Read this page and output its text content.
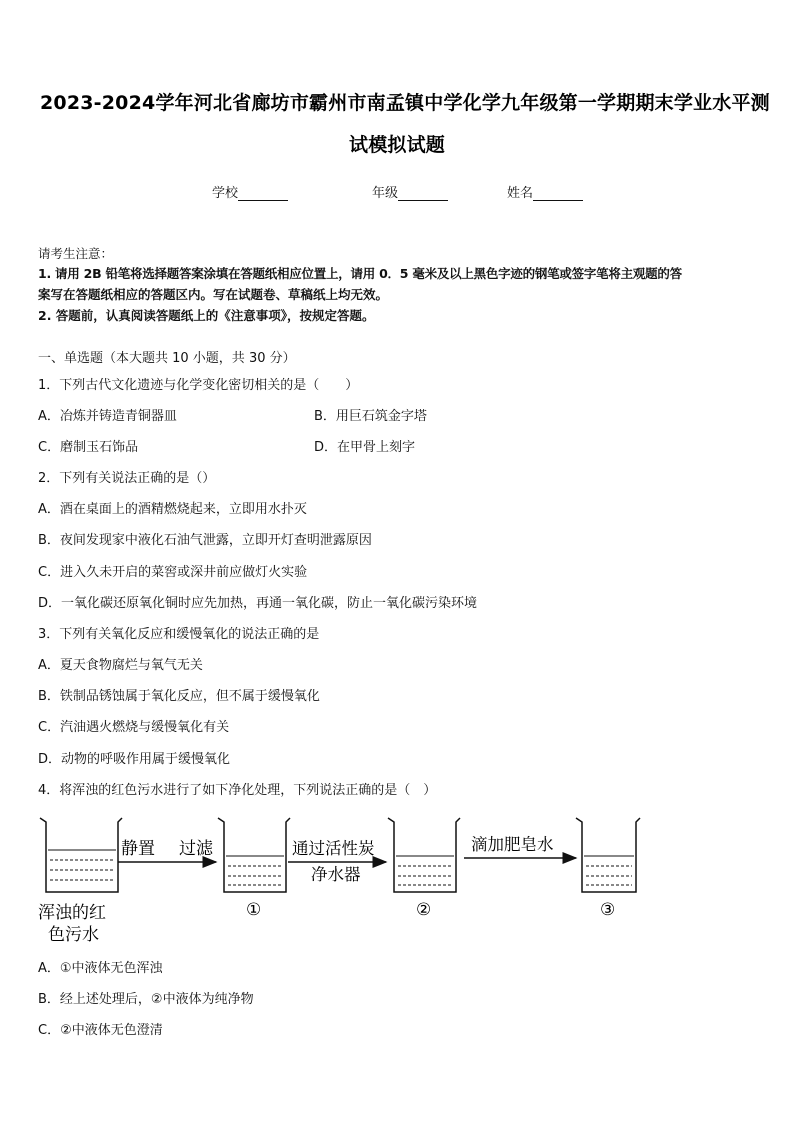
2023-2024学年河北省廊坊市霸州市南孟镇中学化学九年级第一学期期末学业水平测
试模拟试题
学校	年级	姓名
请考生注意：
1. 请用 2B 铅笔将选择题答案涂填在答题纸相应位置上，请用 0．5 毫米及以上黑色字迹的钢笔或签字笔将主观题的答
案写在答题纸相应的答题区内。写在试题卷、草稿纸上均无效。
2. 答题前，认真阅读答题纸上的《注意事项》，按规定答题。
一、单选题（本大题共 10 小题，共 30 分）
1．下列古代文化遗迹与化学变化密切相关的是（　　）
A．冶炼并铸造青铜器皿	B．用巨石筑金字塔
C．磨制玉石饰品	D．在甲骨上刻字
2．下列有关说法正确的是（）
A．酒在桌面上的酒精燃烧起来，立即用水扑灭
B．夜间发现家中液化石油气泄露，立即开灯查明泄露原因
C．进入久未开启的菜窖或深井前应做灯火实验
D．一氧化碳还原氧化铜时应先加热，再通一氧化碳，防止一氧化碳污染环境
3．下列有关氧化反应和缓慢氧化的说法正确的是
A．夏天食物腐烂与氧气无关
B．铁制品锈蚀属于氧化反应，但不属于缓慢氧化
C．汽油遇火燃烧与缓慢氧化有关
D．动物的呼吸作用属于缓慢氧化
4．将浑浊的红色污水进行了如下净化处理，下列说法正确的是（　）
静置 过滤	通过活性炭
净水器
滴加肥皂水
浑浊的红
色污水
①	②	③
A．①中液体无色浑浊
B．经上述处理后，②中液体为纯净物
C．②中液体无色澄清
